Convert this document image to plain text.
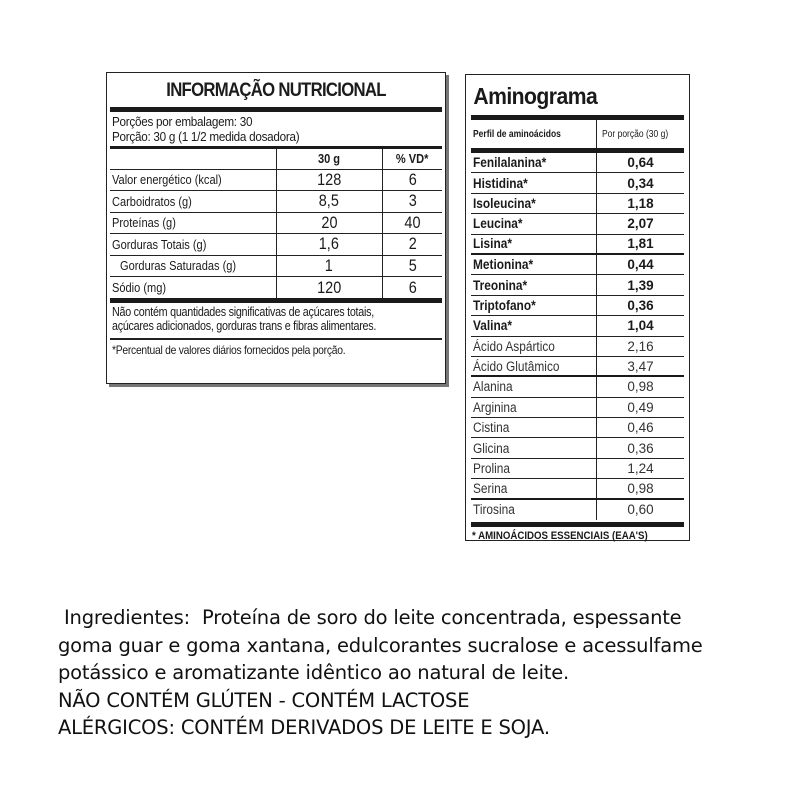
INFORMAÇÃO NUTRICIONAL
Porções por embalagem: 30
Porção: 30 g (1 1/2 medida dosadora)
	30 g	% VD*
Valor energético (kcal)	128	6
Carboidratos (g)	8,5	3
Proteínas (g)	20	40
Gorduras Totais (g)	1,6	2
Gorduras Saturadas (g)	1	5
Sódio (mg)	120	6
Não contém quantidades significativas de açúcares totais,
açúcares adicionados, gorduras trans e fibras alimentares.
*Percentual de valores diários fornecidos pela porção.
Aminograma
Perfil de aminoácidos	Por porção (30 g)
Fenilalanina*	0,64
Histidina*	0,34
Isoleucina*	1,18
Leucina*	2,07
Lisina*	1,81
Metionina*	0,44
Treonina*	1,39
Triptofano*	0,36
Valina*	1,04
Ácido Aspártico	2,16
Ácido Glutâmico	3,47
Alanina	0,98
Arginina	0,49
Cistina	0,46
Glicina	0,36
Prolina	1,24
Serina	0,98
Tirosina	0,60
* AMINOÁCIDOS ESSENCIAIS (EAA'S)
Ingredientes:  Proteína de soro do leite concentrada, espessante
goma guar e goma xantana, edulcorantes sucralose e acessulfame
potássico e aromatizante idêntico ao natural de leite.
NÃO CONTÉM GLÚTEN - CONTÉM LACTOSE
ALÉRGICOS: CONTÉM DERIVADOS DE LEITE E SOJA.
